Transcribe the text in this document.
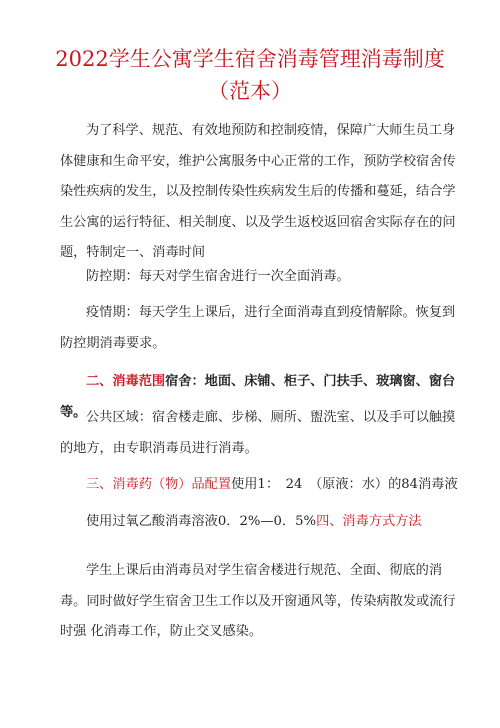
2022学生公寓学生宿舍消毒管理消毒制度
（范本）
为了科学、规范、有效地预防和控制疫情，保障广大师生员工身 体健康和生命平安，维护公寓服务中心正常的工作，预防学校宿舍传 染性疾病的发生，以及控制传染性疾病发生后的传播和蔓延，结合学 生公寓的运行特征、相关制度、以及学生返校返回宿舍实际存在的问 题，特制定一、消毒时间
防控期：每天对学生宿舍进行一次全面消毒。
疫情期：每天学生上课后，进行全面消毒直到疫情解除。恢复到 防控期消毒要求。
二、消毒范围宿舍：地面、床铺、柜子、门扶手、玻璃窗、窗台等。 公共区域：宿舍楼走廊、步梯、厕所、盥洗室、以及手可以触摸 的地方，由专职消毒员进行消毒。
三、消毒药（物）品配置使用1：　24　（原液：水）的84消毒液
使用过氧乙酸消毒溶液0．2%—0．5%四、消毒方式方法
学生上课后由消毒员对学生宿舍楼进行规范、全面、彻底的消毒。同时做好学生宿舍卫生工作以及开窗通风等，传染病散发或流行时强 化消毒工作，防止交叉感染。
